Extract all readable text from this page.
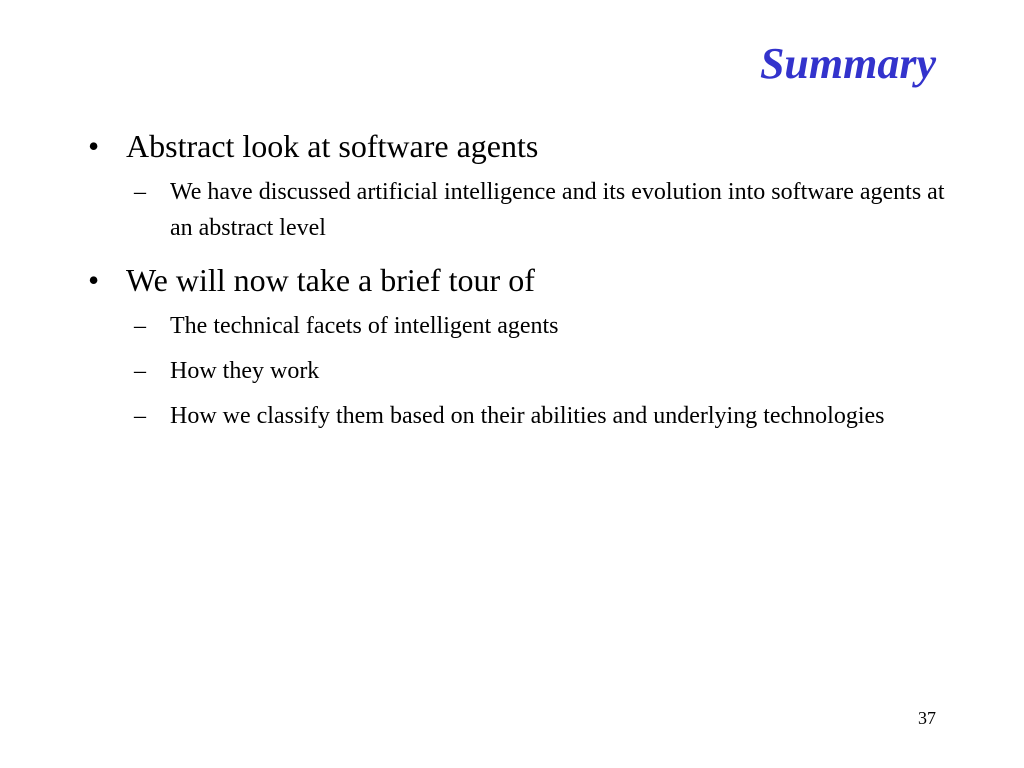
Summary
• Abstract look at software agents
– We have discussed artificial intelligence and its evolution into software agents at an abstract level
• We will now take a brief tour of
– The technical facets of intelligent agents
– How they work
– How we classify them based on their abilities and underlying technologies
37
